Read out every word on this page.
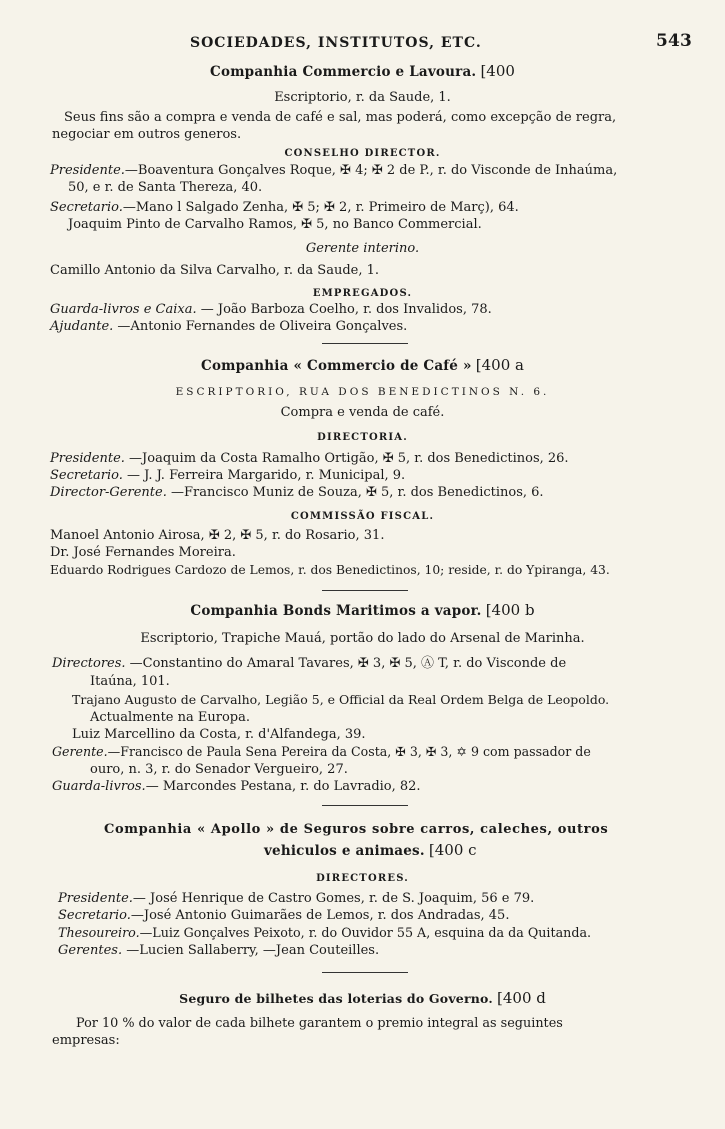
SOCIEDADES, INSTITUTOS, ETC.	543
Companhia Commercio e Lavoura. [400
Escriptorio, r. da Saude, 1.
Seus fins são a compra e venda de café e sal, mas poderá, como excepção de regra,
negociar em outros generos.
CONSELHO DIRECTOR.
Presidente.—Boaventura Gonçalves Roque, ✠ 4; ✠ 2 de P., r. do Visconde de Inhaúma,
50, e r. de Santa Thereza, 40.
Secretario.—Mano l Salgado Zenha, ✠ 5; ✠ 2, r. Primeiro de Març), 64.
Joaquim Pinto de Carvalho Ramos, ✠ 5, no Banco Commercial.
Gerente interino.
Camillo Antonio da Silva Carvalho, r. da Saude, 1.
EMPREGADOS.
Guarda-livros e Caixa. — João Barboza Coelho, r. dos Invalidos, 78.
Ajudante. —Antonio Fernandes de Oliveira Gonçalves.
Companhia « Commercio de Café » [400 a
ESCRIPTORIO, RUA DOS BENEDICTINOS N. 6.
Compra e venda de café.
DIRECTORIA.
Presidente. —Joaquim da Costa Ramalho Ortigão, ✠ 5, r. dos Benedictinos, 26.
Secretario. — J. J. Ferreira Margarido, r. Municipal, 9.
Director-Gerente. —Francisco Muniz de Souza, ✠ 5, r. dos Benedictinos, 6.
COMMISSÃO FISCAL.
Manoel Antonio Airosa, ✠ 2, ✠ 5, r. do Rosario, 31.
Dr. José Fernandes Moreira.
Eduardo Rodrigues Cardozo de Lemos, r. dos Benedictinos, 10; reside, r. do Ypiranga, 43.
Companhia Bonds Maritimos a vapor. [400 b
Escriptorio, Trapiche Mauá, portão do lado do Arsenal de Marinha.
Directores. —Constantino do Amaral Tavares, ✠ 3, ✠ 5, Ⓐ T, r. do Visconde de
Itaúna, 101.
Trajano Augusto de Carvalho, Legião 5, e Official da Real Ordem Belga de Leopoldo.
Actualmente na Europa.
Luiz Marcellino da Costa, r. d'Alfandega, 39.
Gerente.—Francisco de Paula Sena Pereira da Costa, ✠ 3, ✠ 3, ✡ 9 com passador de
ouro, n. 3, r. do Senador Vergueiro, 27.
Guarda-livros.— Marcondes Pestana, r. do Lavradio, 82.
Companhia « Apollo » de Seguros sobre carros, caleches, outros
vehiculos e animaes. [400 c
DIRECTORES.
Presidente.— José Henrique de Castro Gomes, r. de S. Joaquim, 56 e 79.
Secretario.—José Antonio Guimarães de Lemos, r. dos Andradas, 45.
Thesoureiro.—Luiz Gonçalves Peixoto, r. do Ouvidor 55 A, esquina da da Quitanda.
Gerentes. —Lucien Sallaberry, —Jean Couteilles.
Seguro de bilhetes das loterias do Governo. [400 d
Por 10 % do valor de cada bilhete garantem o premio integral as seguintes
empresas:
